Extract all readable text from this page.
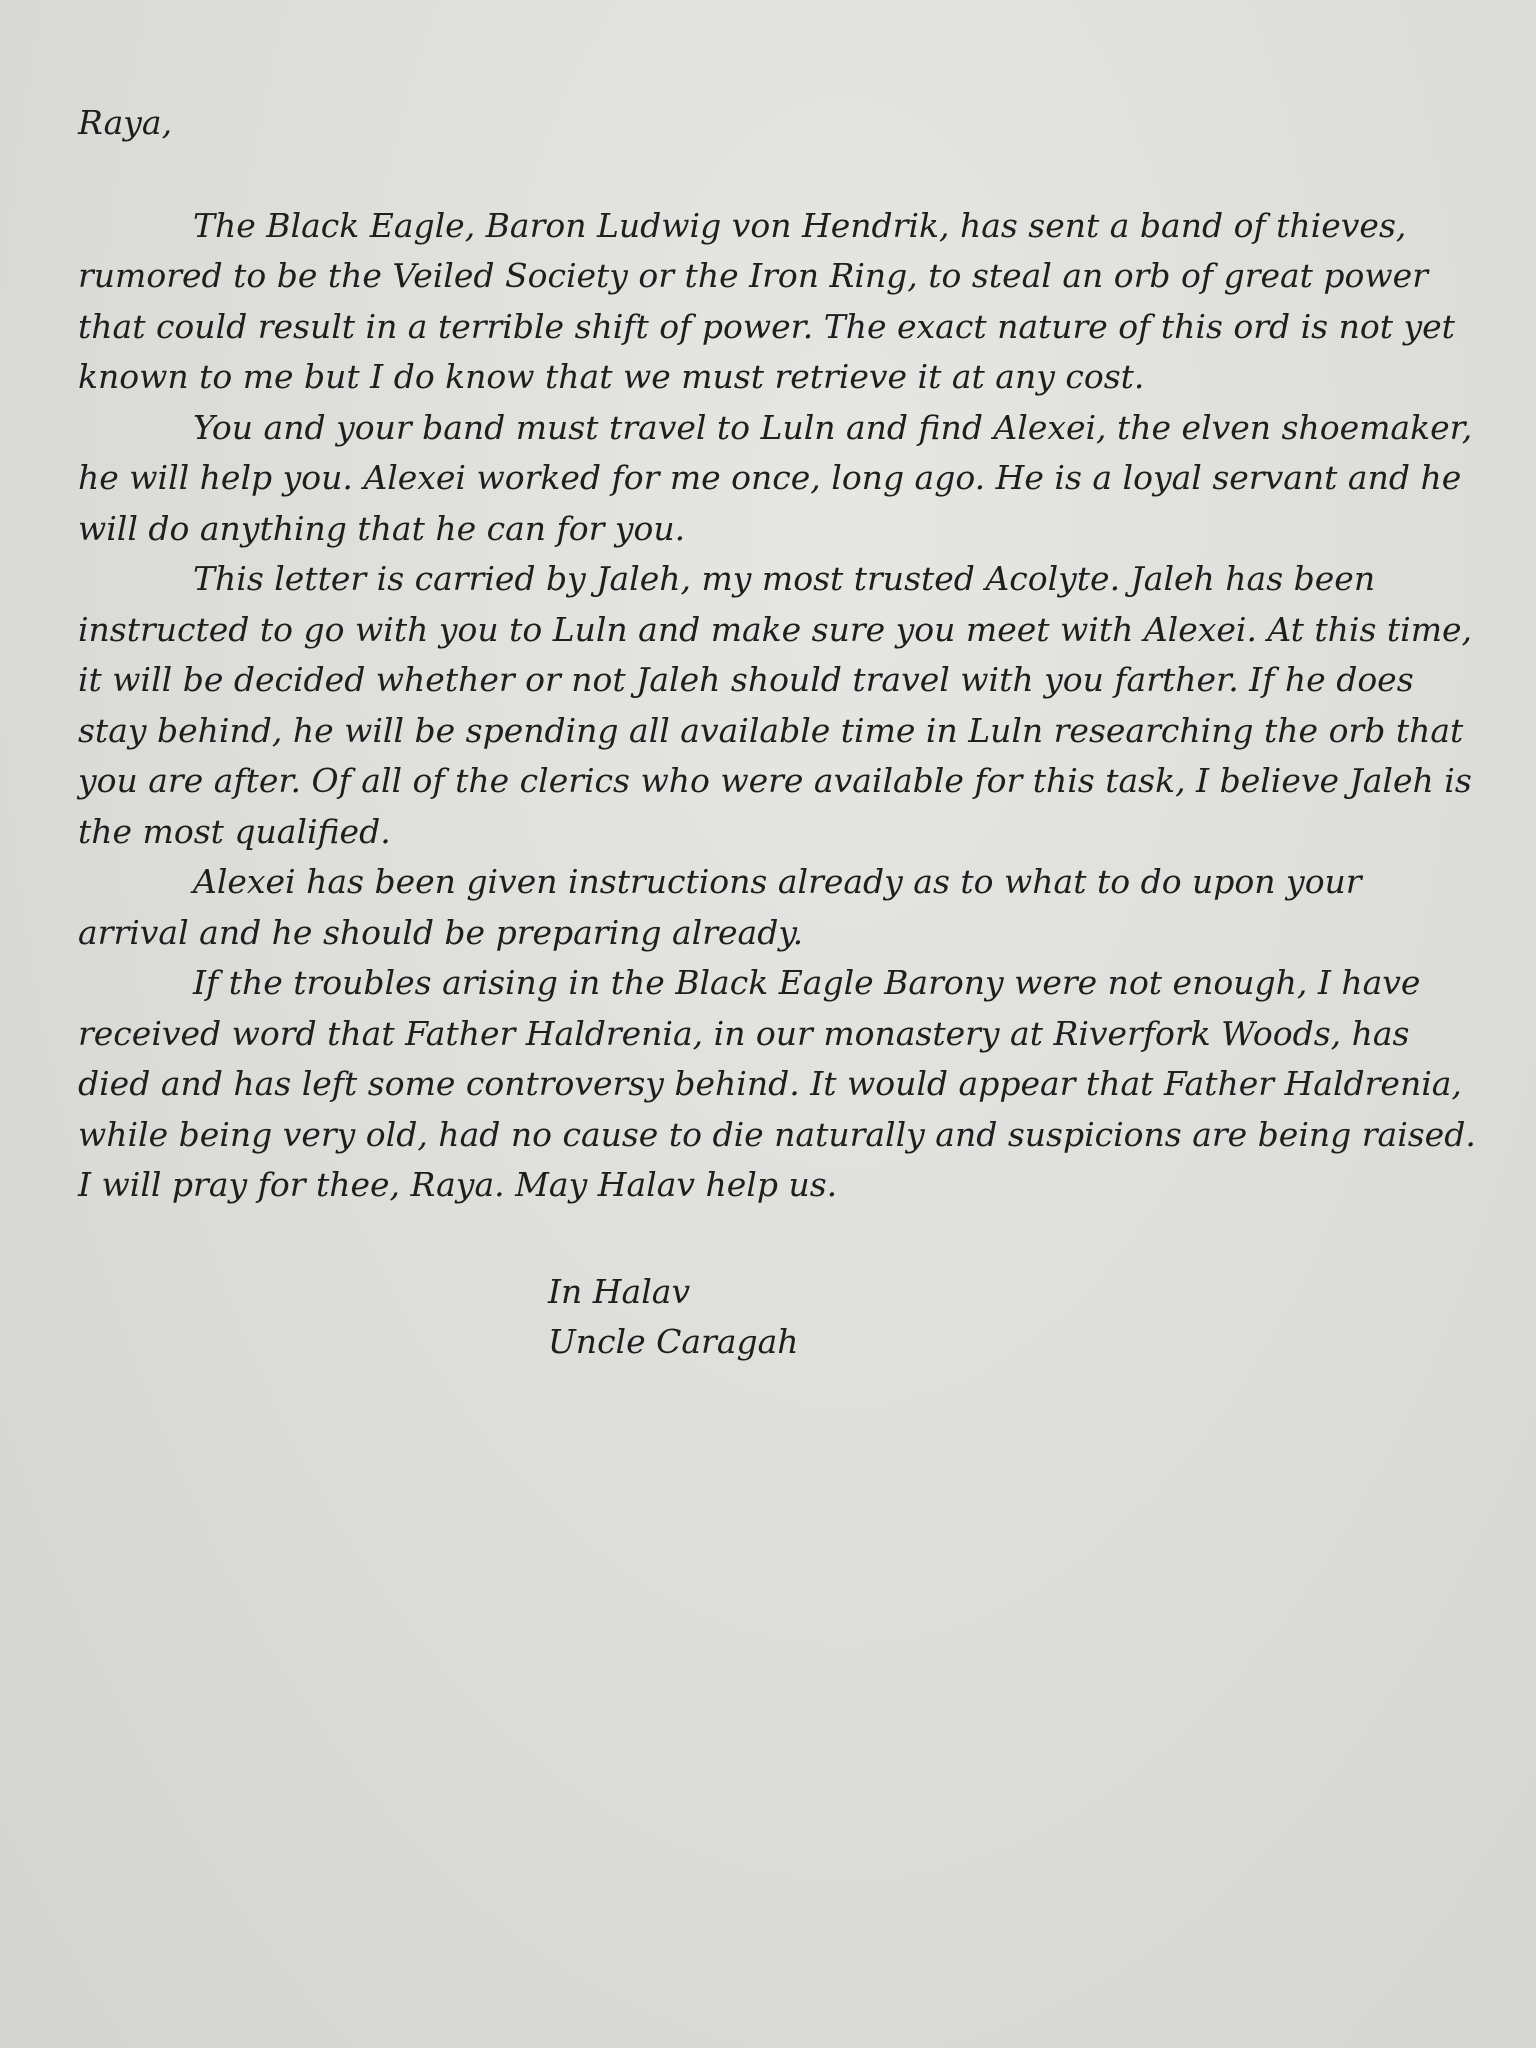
Raya,

The Black Eagle, Baron Ludwig von Hendrik, has sent a band of thieves, rumored to be the Veiled Society or the Iron Ring, to steal an orb of great power that could result in a terrible shift of power. The exact nature of this ord is not yet known to me but I do know that we must retrieve it at any cost.

You and your band must travel to Luln and find Alexei, the elven shoemaker, he will help you. Alexei worked for me once, long ago. He is a loyal servant and he will do anything that he can for you.

This letter is carried by Jaleh, my most trusted Acolyte. Jaleh has been instructed to go with you to Luln and make sure you meet with Alexei. At this time, it will be decided whether or not Jaleh should travel with you farther. If he does stay behind, he will be spending all available time in Luln researching the orb that you are after. Of all of the clerics who were available for this task, I believe Jaleh is the most qualified.

Alexei has been given instructions already as to what to do upon your arrival and he should be preparing already.

If the troubles arising in the Black Eagle Barony were not enough, I have received word that Father Haldrenia, in our monastery at Riverfork Woods, has died and has left some controversy behind. It would appear that Father Haldrenia, while being very old, had no cause to die naturally and suspicions are being raised. I will pray for thee, Raya. May Halav help us.

In Halav
Uncle Caragah
